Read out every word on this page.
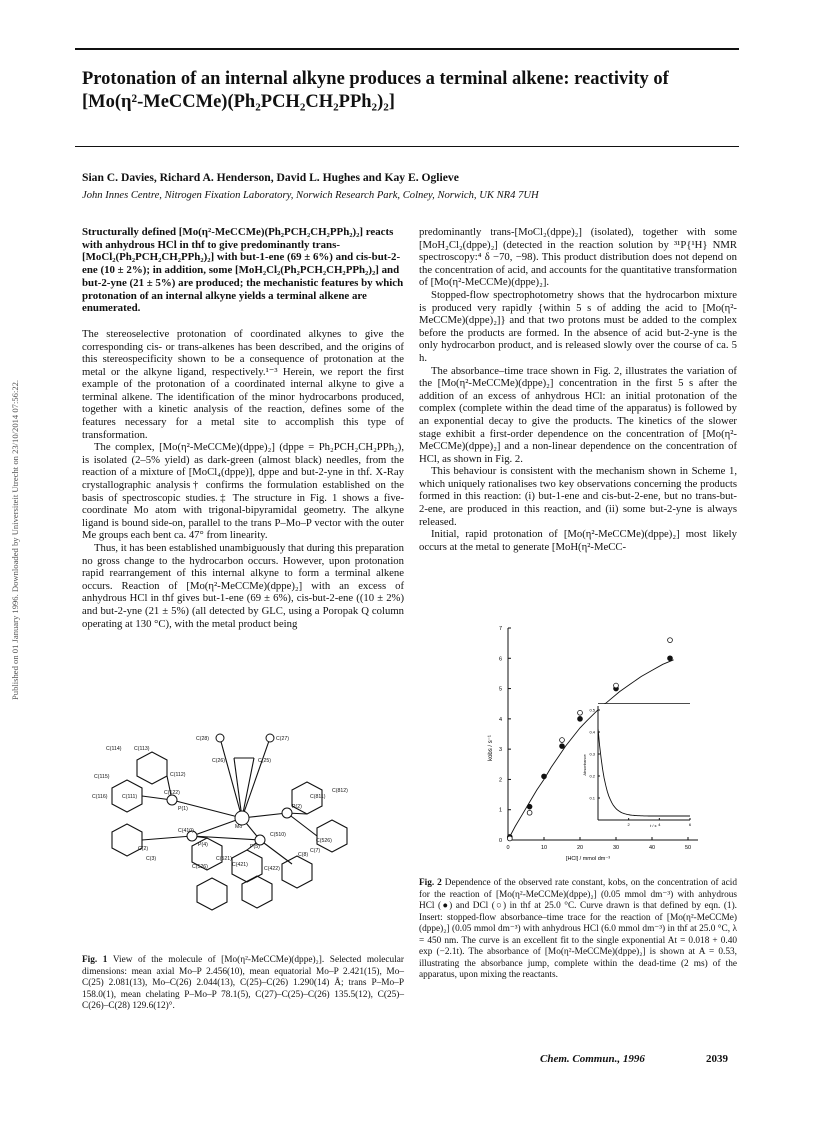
Published on 01 January 1996. Downloaded by Universiteit Utrecht on 23/10/2014 07:56:22.
Protonation of an internal alkyne produces a terminal alkene: reactivity of
[Mo(η²-MeCCMe)(Ph₂PCH₂CH₂PPh₂)₂]
Sian C. Davies, Richard A. Henderson, David L. Hughes and Kay E. Oglieve
John Innes Centre, Nitrogen Fixation Laboratory, Norwich Research Park, Colney, Norwich, UK NR4 7UH

Structurally defined [Mo(η²-MeCCMe)(Ph₂PCH₂CH₂PPh₂)₂] reacts with anhydrous HCl in thf to give predominantly trans-[MoCl₂(Ph₂PCH₂CH₂PPh₂)₂] with but-1-ene (69 ± 6%) and cis-but-2-ene (10 ± 2%); in addition, some [MoH₂Cl₂(Ph₂PCH₂CH₂PPh₂)₂] and but-2-yne (21 ± 5%) are produced; the mechanistic features by which protonation of an internal alkyne yields a terminal alkene are enumerated.

The stereoselective protonation of coordinated alkynes to give the corresponding cis- or trans-alkenes has been described, and the origins of this stereospecificity shown to be a consequence of protonation at the metal or the alkyne ligand, respectively.¹⁻³ Herein, we report the first example of the protonation of a coordinated internal alkyne to give a terminal alkene. The identification of the minor hydrocarbons produced, together with a kinetic analysis of the reaction, defines some of the features necessary for a metal site to accomplish this type of transformation.

The complex, [Mo(η²-MeCCMe)(dppe)₂] (dppe = Ph₂PCH₂CH₂PPh₂), is isolated (2–5% yield) as dark-green (almost black) needles, from the reaction of a mixture of [MoCl₄(dppe)], dppe and but-2-yne in thf. X-Ray crystallographic analysis† confirms the formulation established on the basis of spectroscopic studies.‡ The structure in Fig. 1 shows a five-coordinate Mo atom with trigonal-bipyramidal geometry. The alkyne ligand is bound side-on, parallel to the trans P–Mo–P vector with the outer Me groups each bent ca. 47° from linearity.

Thus, it has been established unambiguously that during this preparation no gross change to the hydrocarbon occurs. However, upon protonation rapid rearrangement of this internal alkyne to form a terminal alkene occurs. Reaction of [Mo(η²-MeCCMe)(dppe)₂] with an excess of anhydrous HCl in thf gives but-1-ene (69 ± 6%), cis-but-2-ene ((10 ± 2%) and but-2-yne (21 ± 5%) (all detected by GLC, using a Poropak Q column operating at 130 °C), with the metal product being

C(28)	C(27)
C(26)	C(25)
C(114) C(113)
C(115)	C(112)
C(122)
C(116)	C(111)
Mo
P(2)
C(811)
C(812)
P(1)
C(410)
P(4)	P(5)
C(510)
C(526)
C(2)
C(3)	C(521)
C(8)
C(7)
C(526)	C(421)
C(422)
Fig. 1 View of the molecule of [Mo(η²-MeCCMe)(dppe)₂]. Selected molecular dimensions: mean axial Mo–P 2.456(10), mean equatorial Mo–P 2.421(15), Mo–C(25) 2.081(13), Mo–C(26) 2.044(13), C(25)–C(26) 1.290(14) Å; trans P–Mo–P 158.0(1), mean chelating P–Mo–P 78.1(5), C(27)–C(25)–C(26) 135.5(12), C(25)–C(26)–C(28) 129.6(12)°.

predominantly trans-[MoCl₂(dppe)₂] (isolated), together with some [MoH₂Cl₂(dppe)₂] (detected in the reaction solution by ³¹P{¹H} NMR spectroscopy:⁴ δ −70, −98). This product distribution does not depend on the concentration of acid, and accounts for the quantitative transformation of [Mo(η²-MeCCMe)(dppe)₂].

Stopped-flow spectrophotometry shows that the hydrocarbon mixture is produced very rapidly {within 5 s of adding the acid to [Mo(η²-MeCCMe)(dppe)₂]} and that two protons must be added to the complex before the products are formed. In the absence of acid but-2-yne is the only hydrocarbon product, and is released slowly over the course of ca. 5 h.

The absorbance–time trace shown in Fig. 2, illustrates the variation of the [Mo(η²-MeCCMe)(dppe)₂] concentration in the first 5 s after the addition of an excess of anhydrous HCl: an initial protonation of the complex (complete within the dead time of the apparatus) is followed by an exponential decay to give the products. The kinetics of the slower stage exhibit a first-order dependence on the concentration of [Mo(η²-MeCCMe)(dppe)₂] and a non-linear dependence on the concentration of HCl, as shown in Fig. 2.

This behaviour is consistent with the mechanism shown in Scheme 1, which uniquely rationalises two key observations concerning the products formed in this reaction: (i) but-1-ene and cis-but-2-ene, but no trans-but-2-ene, are produced in this reaction, and (ii) some but-2-yne is always released.

Initial, rapid protonation of [Mo(η²-MeCCMe)(dppe)₂] most likely occurs at the metal to generate [MoH(η²-MeCC-

0	10	20	30	40	50
0
1
2
3
4
5
6
7
0.1
0.2
0.3
0.4
0.5
2	4	6
t / s
Absorbance
kobs / s⁻¹
[HCl] / mmol dm⁻³
Fig. 2 Dependence of the observed rate constant, kobs, on the concentration of acid for the reaction of [Mo(η²-MeCCMe)(dppe)₂] (0.05 mmol dm⁻³) with anhydrous HCl (●) and DCl (○) in thf at 25.0 °C. Curve drawn is that defined by eqn. (1). Insert: stopped-flow absorbance–time trace for the reaction of [Mo(η²-MeCCMe)(dppe)₂] (0.05 mmol dm⁻³) with anhydrous HCl (6.0 mmol dm⁻³) in thf at 25.0 °C, λ = 450 nm. The curve is an excellent fit to the single exponential At = 0.018 + 0.40 exp (−2.1t). The absorbance of [Mo(η²-MeCCMe)(dppe)₂] is shown at A = 0.53, illustrating the absorbance jump, complete within the dead-time (2 ms) of the apparatus, upon mixing the reactants.
Chem. Commun., 1996	2039
